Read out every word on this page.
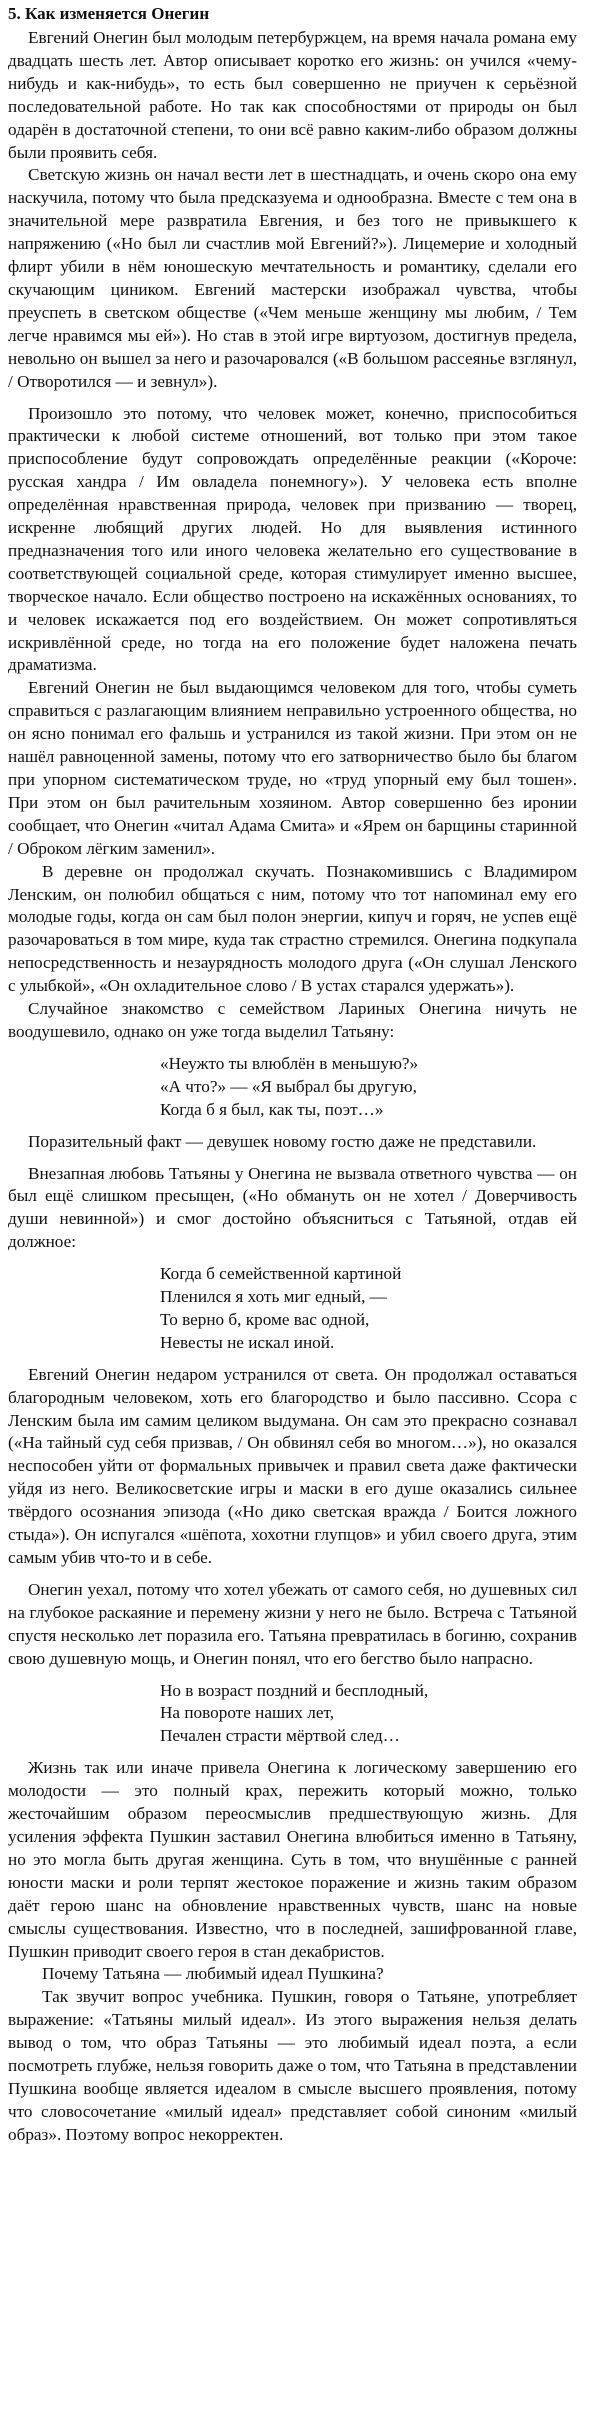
5. Как изменяется Онегин

Евгений Онегин был молодым петербуржцем, на время начала романа ему двадцать шесть лет. Автор описывает коротко его жизнь: он учился «чему-нибудь и как-нибудь», то есть был совершенно не приучен к серьёзной последовательной работе. Но так как способностями от природы он был одарён в достаточной степени, то они всё равно каким-либо образом должны были проявить себя.

Светскую жизнь он начал вести лет в шестнадцать, и очень скоро она ему наскучила, потому что была предсказуема и однообразна. Вместе с тем она в значительной мере развратила Евгения, и без того не привыкшего к напряжению («Но был ли счастлив мой Евгений?»). Лицемерие и холодный флирт убили в нём юношескую мечтательность и романтику, сделали его скучающим циником. Евгений мастерски изображал чувства, чтобы преуспеть в светском обществе («Чем меньше женщину мы любим, / Тем легче нравимся мы ей»). Но став в этой игре виртуозом, достигнув предела, невольно он вышел за него и разочаровался («В большом рассеянье взглянул, / Отворотился — и зевнул»).

Произошло это потому, что человек может, конечно, приспособиться практически к любой системе отношений, вот только при этом такое приспособление будут сопровождать определённые реакции («Короче: русская хандра / Им овладела понемногу»). У человека есть вполне определённая нравственная природа, человек при призванию — творец, искренне любящий других людей. Но для выявления истинного предназначения того или иного человека желательно его существование в соответствующей социальной среде, которая стимулирует именно высшее, творческое начало. Если общество построено на искажённых основаниях, то и человек искажается под его воздействием. Он может сопротивляться искривлённой среде, но тогда на его положение будет наложена печать драматизма.

Евгений Онегин не был выдающимся человеком для того, чтобы суметь справиться с разлагающим влиянием неправильно устроенного общества, но он ясно понимал его фальшь и устранился из такой жизни. При этом он не нашёл равноценной замены, потому что его затворничество было бы благом при упорном систематическом труде, но «труд упорный ему был тошен». При этом он был рачительным хозяином. Автор совершенно без иронии сообщает, что Онегин «читал Адама Смита» и «Ярем он барщины старинной / Оброком лёгким заменил».

В деревне он продолжал скучать. Познакомившись с Владимиром Ленским, он полюбил общаться с ним, потому что тот напоминал ему его молодые годы, когда он сам был полон энергии, кипуч и горяч, не успев ещё разочароваться в том мире, куда так страстно стремился. Онегина подкупала непосредственность и незаурядность молодого друга («Он слушал Ленского с улыбкой», «Он охладительное слово / В устах старался удержать»).

Случайное знакомство с семейством Лариных Онегина ничуть не воодушевило, однако он уже тогда выделил Татьяну:

«Неужто ты влюблён в меньшую?»
«А что?» — «Я выбрал бы другую,
Когда б я был, как ты, поэт…»

Поразительный факт — девушек новому гостю даже не представили.

Внезапная любовь Татьяны у Онегина не вызвала ответного чувства — он был ещё слишком пресыщен, («Но обмануть он не хотел / Доверчивость души невинной») и смог достойно объясниться с Татьяной, отдав ей должное:

Когда б семейственной картиной
Пленился я хоть миг едный, —
То верно б, кроме вас одной,
Невесты не искал иной.

Евгений Онегин недаром устранился от света. Он продолжал оставаться благородным человеком, хоть его благородство и было пассивно. Ссора с Ленским была им самим целиком выдумана. Он сам это прекрасно сознавал («На тайный суд себя призвав, / Он обвинял себя во многом…»), но оказался неспособен уйти от формальных привычек и правил света даже фактически уйдя из него. Великосветские игры и маски в его душе оказались сильнее твёрдого осознания эпизода («Но дико светская вражда / Боится ложного стыда»). Он испугался «шёпота, хохотни глупцов» и убил своего друга, этим самым убив что-то и в себе.

Онегин уехал, потому что хотел убежать от самого себя, но душевных сил на глубокое раскаяние и перемену жизни у него не было. Встреча с Татьяной спустя несколько лет поразила его. Татьяна превратилась в богиню, сохранив свою душевную мощь, и Онегин понял, что его бегство было напрасно.

Но в возраст поздний и бесплодный,
На повороте наших лет,
Печален страсти мёртвой след…

Жизнь так или иначе привела Онегина к логическому завершению его молодости — это полный крах, пережить который можно, только жесточайшим образом переосмыслив предшествующую жизнь. Для усиления эффекта Пушкин заставил Онегина влюбиться именно в Татьяну, но это могла быть другая женщина. Суть в том, что внушённые с ранней юности маски и роли терпят жестокое поражение и жизнь таким образом даёт герою шанс на обновление нравственных чувств, шанс на новые смыслы существования. Известно, что в последней, зашифрованной главе, Пушкин приводит своего героя в стан декабристов.

Почему Татьяна — любимый идеал Пушкина?

Так звучит вопрос учебника. Пушкин, говоря о Татьяне, употребляет выражение: «Татьяны милый идеал». Из этого выражения нельзя делать вывод о том, что образ Татьяны — это любимый идеал поэта, а если посмотреть глубже, нельзя говорить даже о том, что Татьяна в представлении Пушкина вообще является идеалом в смысле высшего проявления, потому что словосочетание «милый идеал» представляет собой синоним «милый образ». Поэтому вопрос некорректен.
